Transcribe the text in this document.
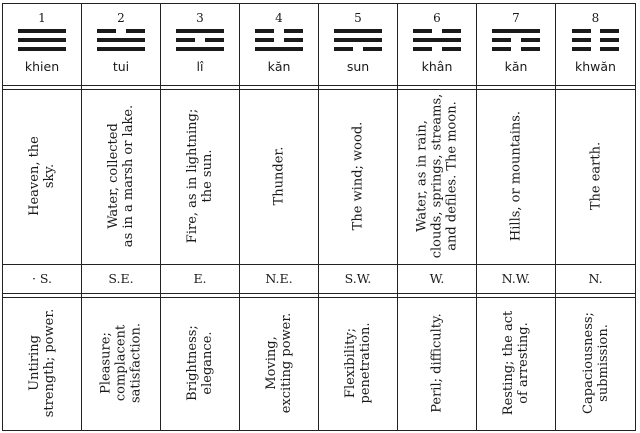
1
khien
Heaven, the
sky.
· S.
Untiring
strength; power.
2
tui
Water, collected
as in a marsh or lake.
S.E.
Pleasure;
complacent
satisfaction.
3
lî
Fire, as in lightning;
the sun.
E.
Brightness;
elegance.
4
kăn
Thunder.
N.E.
Moving,
exciting power.
5
sun
The wind; wood.
S.W.
Flexibility;
penetration.
6
khân
Water, as in rain,
clouds, springs, streams,
and defiles. The moon.
W.
Peril; difficulty.
7
kăn
Hills, or mountains.
N.W.
Resting; the act
of arresting.
8
khwăn
The earth.
N.
Capaciousness;
submission.
